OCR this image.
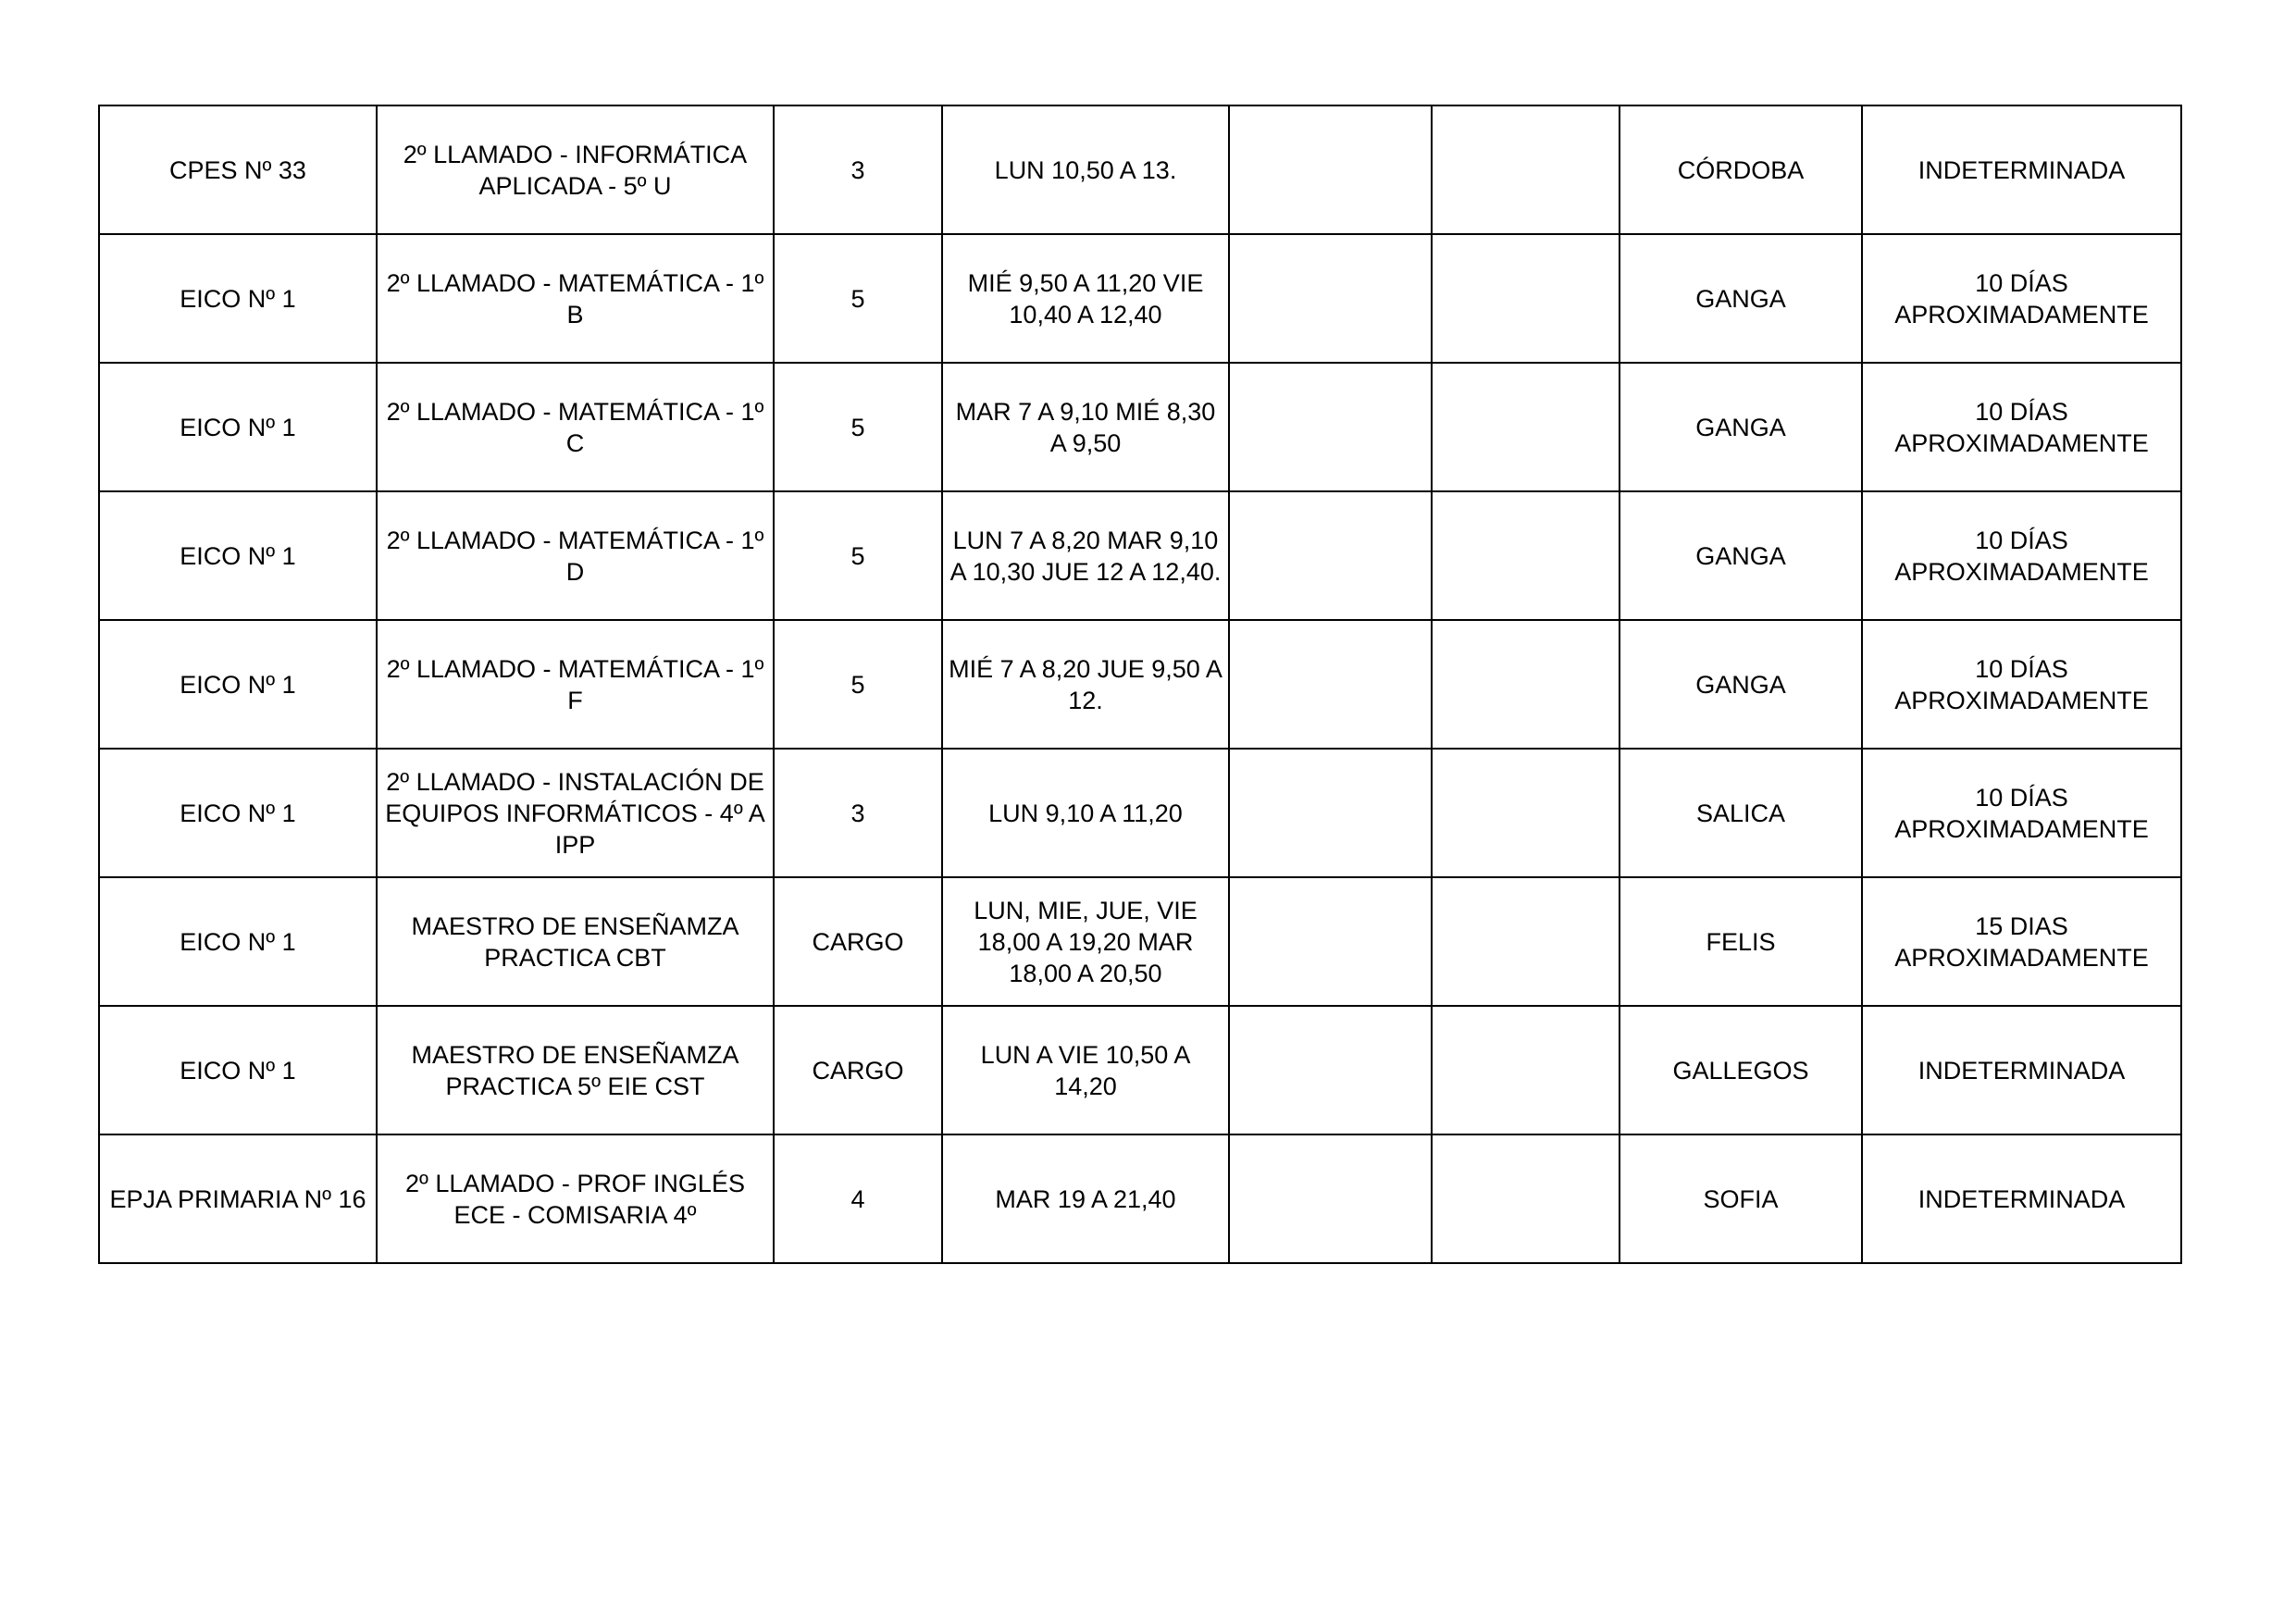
CPES Nº 33	2º LLAMADO - INFORMÁTICA APLICADA - 5º U	3	LUN 10,50 A 13.			CÓRDOBA	INDETERMINADA
EICO Nº 1	2º LLAMADO - MATEMÁTICA - 1º B	5	MIÉ 9,50 A 11,20 VIE 10,40 A 12,40			GANGA	10 DÍAS APROXIMADAMENTE
EICO Nº 1	2º LLAMADO - MATEMÁTICA - 1º C	5	MAR 7 A 9,10 MIÉ 8,30 A 9,50			GANGA	10 DÍAS APROXIMADAMENTE
EICO Nº 1	2º LLAMADO - MATEMÁTICA - 1º D	5	LUN 7 A 8,20 MAR 9,10 A 10,30 JUE 12 A 12,40.			GANGA	10 DÍAS APROXIMADAMENTE
EICO Nº 1	2º LLAMADO - MATEMÁTICA - 1º F	5	MIÉ 7 A 8,20 JUE 9,50 A 12.			GANGA	10 DÍAS APROXIMADAMENTE
EICO Nº 1	2º LLAMADO - INSTALACIÓN DE EQUIPOS INFORMÁTICOS - 4º A IPP	3	LUN 9,10 A 11,20			SALICA	10 DÍAS APROXIMADAMENTE
EICO Nº 1	MAESTRO DE ENSEÑAMZA PRACTICA CBT	CARGO	LUN, MIE, JUE, VIE 18,00 A 19,20 MAR 18,00 A 20,50			FELIS	15 DIAS APROXIMADAMENTE
EICO Nº 1	MAESTRO DE ENSEÑAMZA PRACTICA 5º EIE CST	CARGO	LUN A VIE 10,50 A 14,20			GALLEGOS	INDETERMINADA
EPJA PRIMARIA Nº 16	2º LLAMADO - PROF INGLÉS ECE - COMISARIA 4º	4	MAR 19 A 21,40			SOFIA	INDETERMINADA
